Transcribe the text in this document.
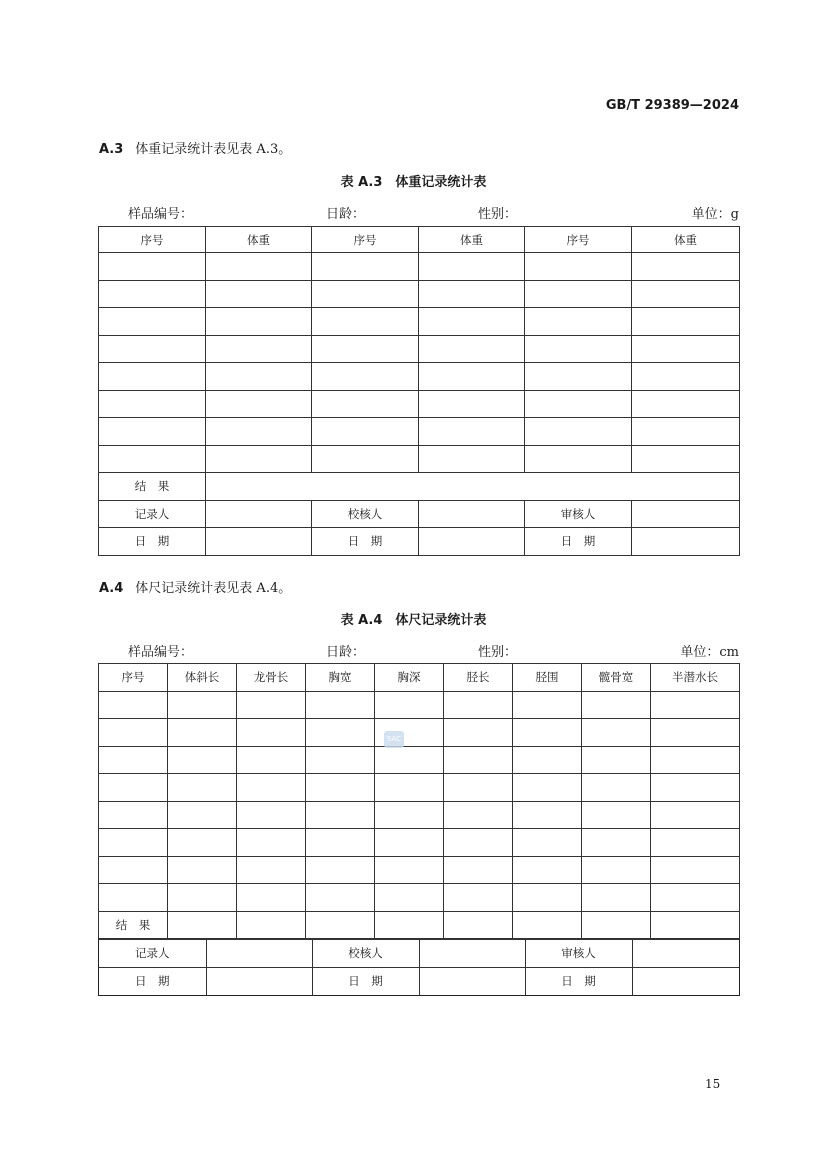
GB/T 29389—2024
A.3 体重记录统计表见表 A.3。
表 A.3　体重记录统计表
样品编号：	日龄：	性别：	单位：g
序号	体重	序号	体重	序号	体重

结　果					
记录人		校核人		审核人	
日　期		日　期		日　期	
A.4 体尺记录统计表见表 A.4。
表 A.4　体尺记录统计表
样品编号：	日龄：	性别：	单位：cm
序号	体斜长	龙骨长	胸宽	胸深	胫长	胫围	髋骨宽	半潜水长

结　果								

记录人		校核人		审核人	
日　期		日　期		日　期	
SAC
15
